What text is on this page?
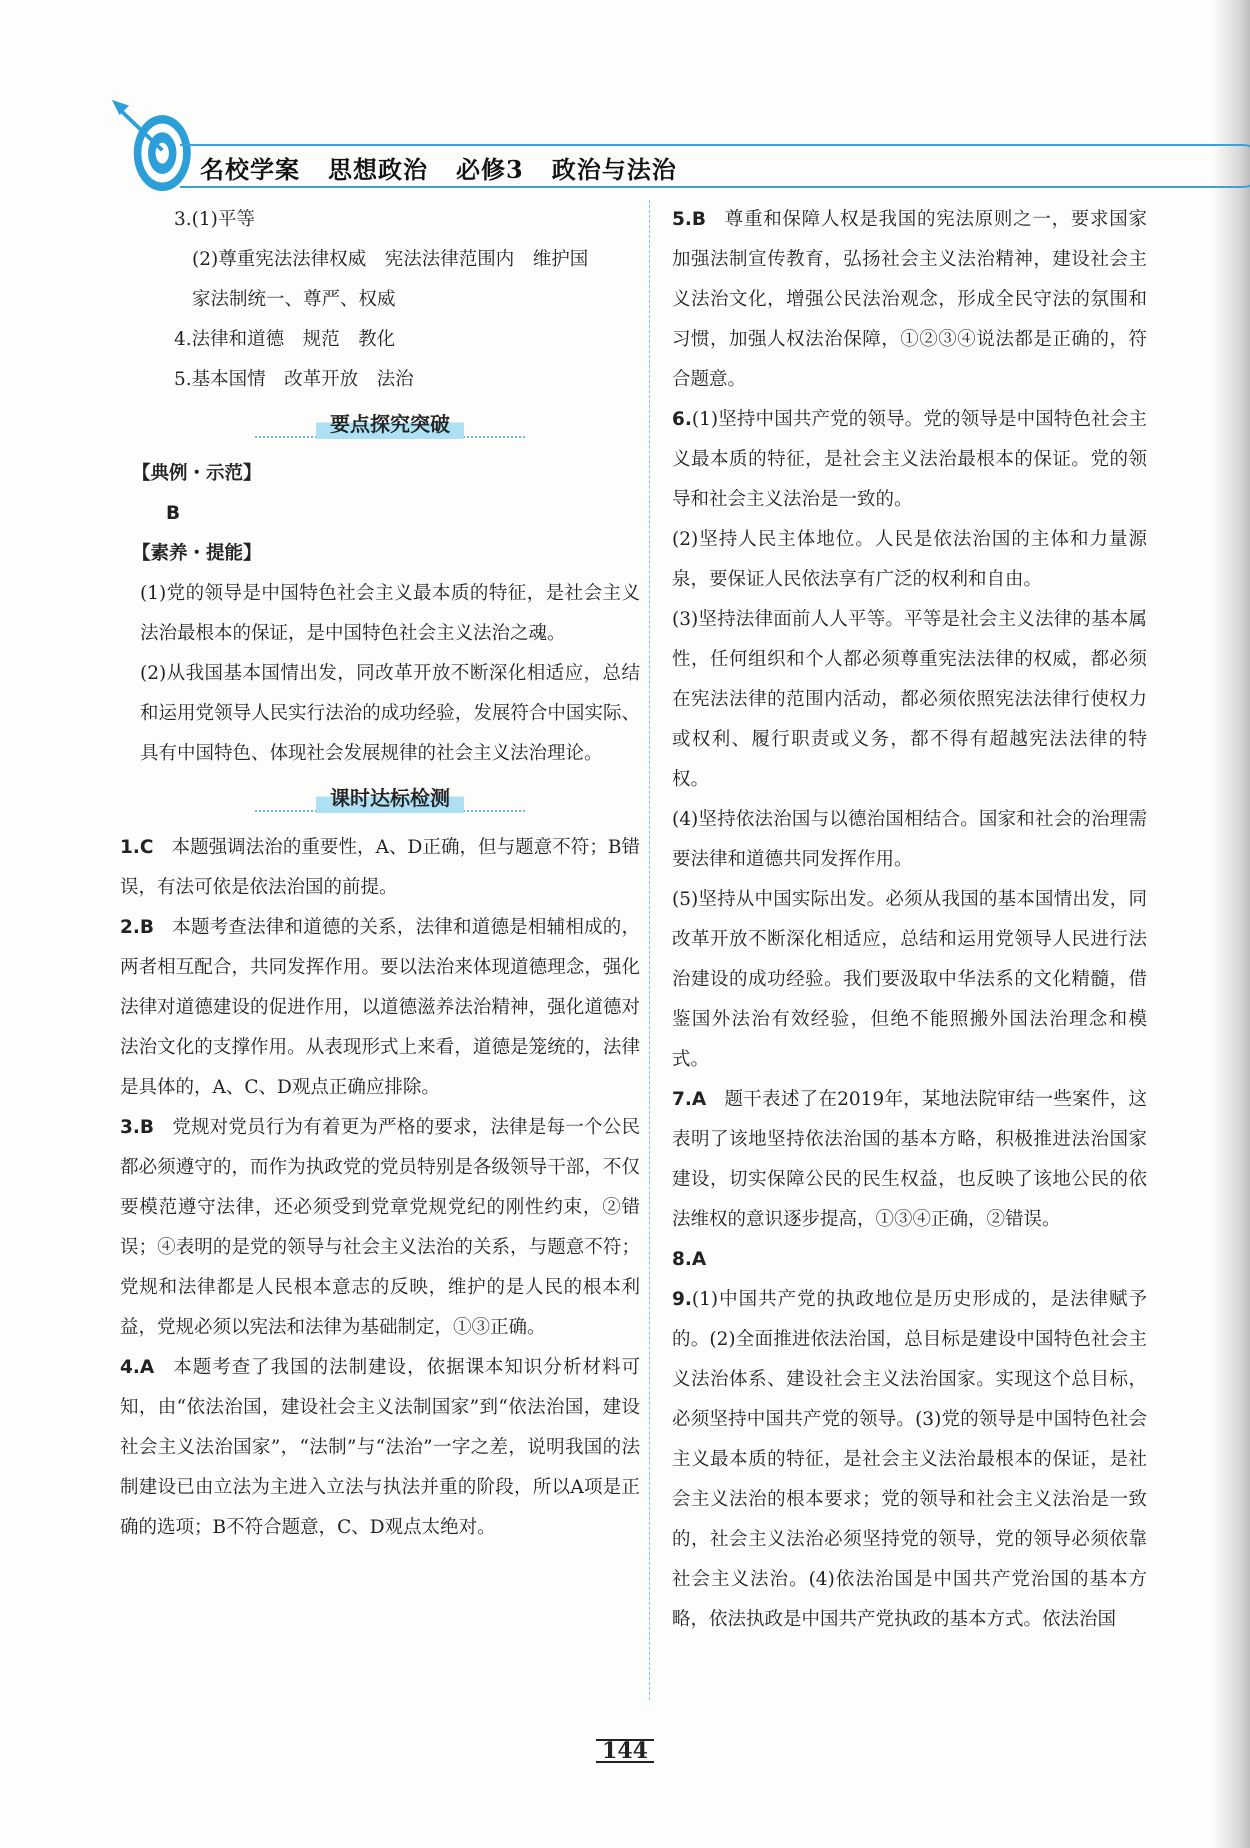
名校学案 思想政治 必修3 政治与法治

3.(1)平等

(2)尊重宪法法律权威　宪法法律范围内　维护国

家法制统一、尊严、权威

4.法律和道德　规范　教化

5.基本国情　改革开放　法治

要点探究突破

【典例・示范】

B

【素养・提能】

(1)党的领导是中国特色社会主义最本质的特征，是社会主义法治最根本的保证，是中国特色社会主义法治之魂。

(2)从我国基本国情出发，同改革开放不断深化相适应，总结和运用党领导人民实行法治的成功经验，发展符合中国实际、具有中国特色、体现社会发展规律的社会主义法治理论。

课时达标检测

1.C 本题强调法治的重要性，A、D正确，但与题意不符；B错误，有法可依是依法治国的前提。

2.B 本题考查法律和道德的关系，法律和道德是相辅相成的，两者相互配合，共同发挥作用。要以法治来体现道德理念，强化法律对道德建设的促进作用，以道德滋养法治精神，强化道德对法治文化的支撑作用。从表现形式上来看，道德是笼统的，法律是具体的，A、C、D观点正确应排除。

3.B 党规对党员行为有着更为严格的要求，法律是每一个公民都必须遵守的，而作为执政党的党员特别是各级领导干部，不仅要模范遵守法律，还必须受到党章党规党纪的刚性约束，②错误；④表明的是党的领导与社会主义法治的关系，与题意不符；党规和法律都是人民根本意志的反映，维护的是人民的根本利益，党规必须以宪法和法律为基础制定，①③正确。

4.A 本题考查了我国的法制建设，依据课本知识分析材料可知，由“依法治国，建设社会主义法制国家”到“依法治国，建设社会主义法治国家”，“法制”与“法治”一字之差，说明我国的法制建设已由立法为主进入立法与执法并重的阶段，所以A项是正确的选项；B不符合题意，C、D观点太绝对。

5.B 尊重和保障人权是我国的宪法原则之一，要求国家加强法制宣传教育，弘扬社会主义法治精神，建设社会主义法治文化，增强公民法治观念，形成全民守法的氛围和习惯，加强人权法治保障，①②③④说法都是正确的，符合题意。

6.(1)坚持中国共产党的领导。党的领导是中国特色社会主义最本质的特征，是社会主义法治最根本的保证。党的领导和社会主义法治是一致的。

(2)坚持人民主体地位。人民是依法治国的主体和力量源泉，要保证人民依法享有广泛的权利和自由。

(3)坚持法律面前人人平等。平等是社会主义法律的基本属性，任何组织和个人都必须尊重宪法法律的权威，都必须在宪法法律的范围内活动，都必须依照宪法法律行使权力或权利、履行职责或义务，都不得有超越宪法法律的特权。

(4)坚持依法治国与以德治国相结合。国家和社会的治理需要法律和道德共同发挥作用。

(5)坚持从中国实际出发。必须从我国的基本国情出发，同改革开放不断深化相适应，总结和运用党领导人民进行法治建设的成功经验。我们要汲取中华法系的文化精髓，借鉴国外法治有效经验，但绝不能照搬外国法治理念和模式。

7.A 题干表述了在2019年，某地法院审结一些案件，这表明了该地坚持依法治国的基本方略，积极推进法治国家建设，切实保障公民的民生权益，也反映了该地公民的依法维权的意识逐步提高，①③④正确，②错误。

8.A

9.(1)中国共产党的执政地位是历史形成的，是法律赋予的。(2)全面推进依法治国，总目标是建设中国特色社会主义法治体系、建设社会主义法治国家。实现这个总目标，必须坚持中国共产党的领导。(3)党的领导是中国特色社会主义最本质的特征，是社会主义法治最根本的保证，是社会主义法治的根本要求；党的领导和社会主义法治是一致的，社会主义法治必须坚持党的领导，党的领导必须依靠社会主义法治。(4)依法治国是中国共产党治国的基本方略，依法执政是中国共产党执政的基本方式。依法治国

144
